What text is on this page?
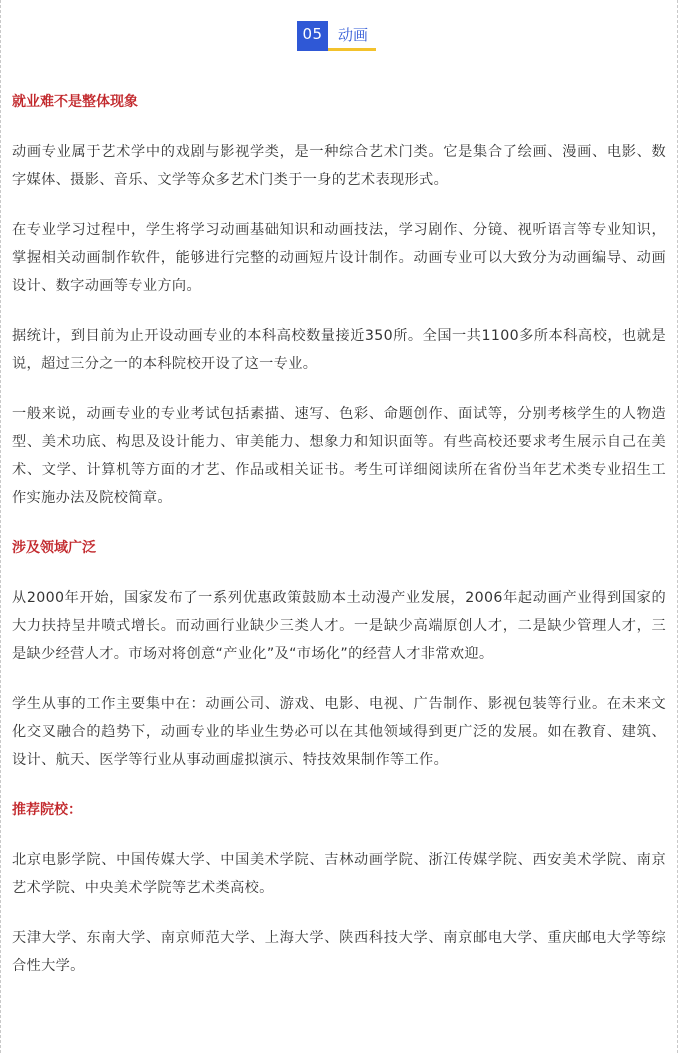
05	动画
就业难不是整体现象

动画专业属于艺术学中的戏剧与影视学类，是一种综合艺术门类。它是集合了绘画、漫画、电影、数字媒体、摄影、音乐、文学等众多艺术门类于一身的艺术表现形式。

在专业学习过程中，学生将学习动画基础知识和动画技法，学习剧作、分镜、视听语言等专业知识，掌握相关动画制作软件，能够进行完整的动画短片设计制作。动画专业可以大致分为动画编导、动画设计、数字动画等专业方向。

据统计，到目前为止开设动画专业的本科高校数量接近350所。全国一共1100多所本科高校，也就是说，超过三分之一的本科院校开设了这一专业。

一般来说，动画专业的专业考试包括素描、速写、色彩、命题创作、面试等，分别考核学生的人物造型、美术功底、构思及设计能力、审美能力、想象力和知识面等。有些高校还要求考生展示自己在美术、文学、计算机等方面的才艺、作品或相关证书。考生可详细阅读所在省份当年艺术类专业招生工作实施办法及院校简章。

涉及领域广泛

从2000年开始，国家发布了一系列优惠政策鼓励本土动漫产业发展，2006年起动画产业得到国家的大力扶持呈井喷式增长。而动画行业缺少三类人才。一是缺少高端原创人才，二是缺少管理人才，三是缺少经营人才。市场对将创意“产业化”及“市场化”的经营人才非常欢迎。

学生从事的工作主要集中在：动画公司、游戏、电影、电视、广告制作、影视包装等行业。在未来文化交叉融合的趋势下，动画专业的毕业生势必可以在其他领域得到更广泛的发展。如在教育、建筑、设计、航天、医学等行业从事动画虚拟演示、特技效果制作等工作。

推荐院校：

北京电影学院、中国传媒大学、中国美术学院、吉林动画学院、浙江传媒学院、西安美术学院、南京艺术学院、中央美术学院等艺术类高校。

天津大学、东南大学、南京师范大学、上海大学、陕西科技大学、南京邮电大学、重庆邮电大学等综合性大学。
